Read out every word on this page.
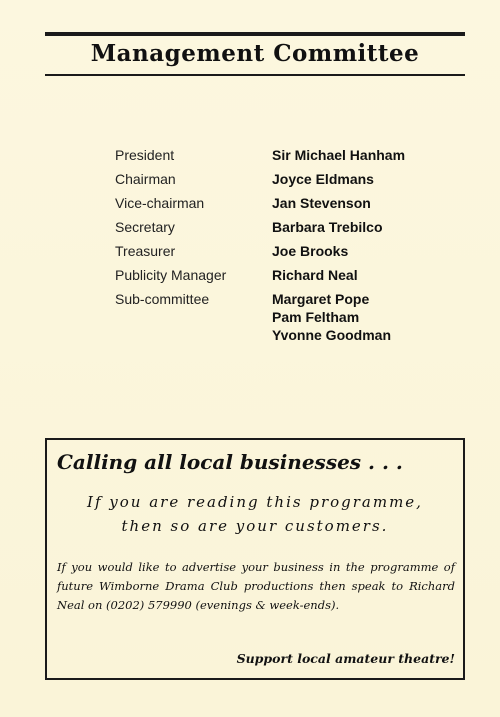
Management Committee
President	Sir Michael Hanham
Chairman	Joyce Eldmans
Vice-chairman	Jan Stevenson
Secretary	Barbara Trebilco
Treasurer	Joe Brooks
Publicity Manager	Richard Neal
Sub-committee	Margaret Pope
Pam Feltham
Yvonne Goodman
Calling all local businesses . . .
If you are reading this programme,
then so are your customers.
If you would like to advertise your business in the programme of future Wimborne Drama Club productions then speak to Richard Neal on (0202) 579990 (evenings & week-ends).
Support local amateur theatre!
